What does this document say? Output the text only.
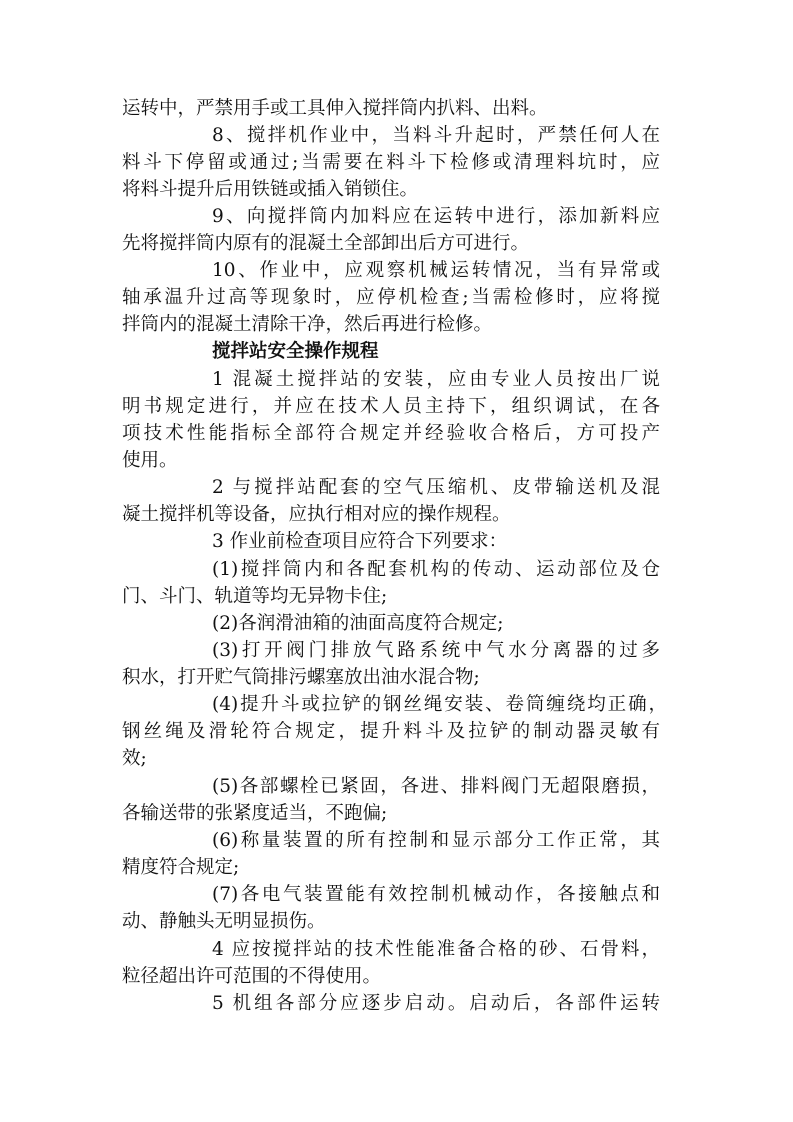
运转中，严禁用手或工具伸入搅拌筒内扒料、出料。
8、搅拌机作业中，当料斗升起时，严禁任何人在
料斗下停留或通过;当需要在料斗下检修或清理料坑时，应
将料斗提升后用铁链或插入销锁住。
9、向搅拌筒内加料应在运转中进行，添加新料应
先将搅拌筒内原有的混凝土全部卸出后方可进行。
10、作业中，应观察机械运转情况，当有异常或
轴承温升过高等现象时，应停机检查;当需检修时，应将搅
拌筒内的混凝土清除干净，然后再进行检修。
搅拌站安全操作规程
1 混凝土搅拌站的安装，应由专业人员按出厂说
明书规定进行，并应在技术人员主持下，组织调试，在各
项技术性能指标全部符合规定并经验收合格后，方可投产
使用。
2 与搅拌站配套的空气压缩机、皮带输送机及混
凝土搅拌机等设备，应执行相对应的操作规程。
3 作业前检查项目应符合下列要求：
(1)搅拌筒内和各配套机构的传动、运动部位及仓
门、斗门、轨道等均无异物卡住;
(2)各润滑油箱的油面高度符合规定;
(3)打开阀门排放气路系统中气水分离器的过多
积水，打开贮气筒排污螺塞放出油水混合物;
(4)提升斗或拉铲的钢丝绳安装、卷筒缠绕均正确，
钢丝绳及滑轮符合规定，提升料斗及拉铲的制动器灵敏有
效;
(5)各部螺栓已紧固，各进、排料阀门无超限磨损，
各输送带的张紧度适当，不跑偏;
(6)称量装置的所有控制和显示部分工作正常，其
精度符合规定;
(7)各电气装置能有效控制机械动作，各接触点和
动、静触头无明显损伤。
4 应按搅拌站的技术性能准备合格的砂、石骨料，
粒径超出许可范围的不得使用。
5 机组各部分应逐步启动。启动后，各部件运转
